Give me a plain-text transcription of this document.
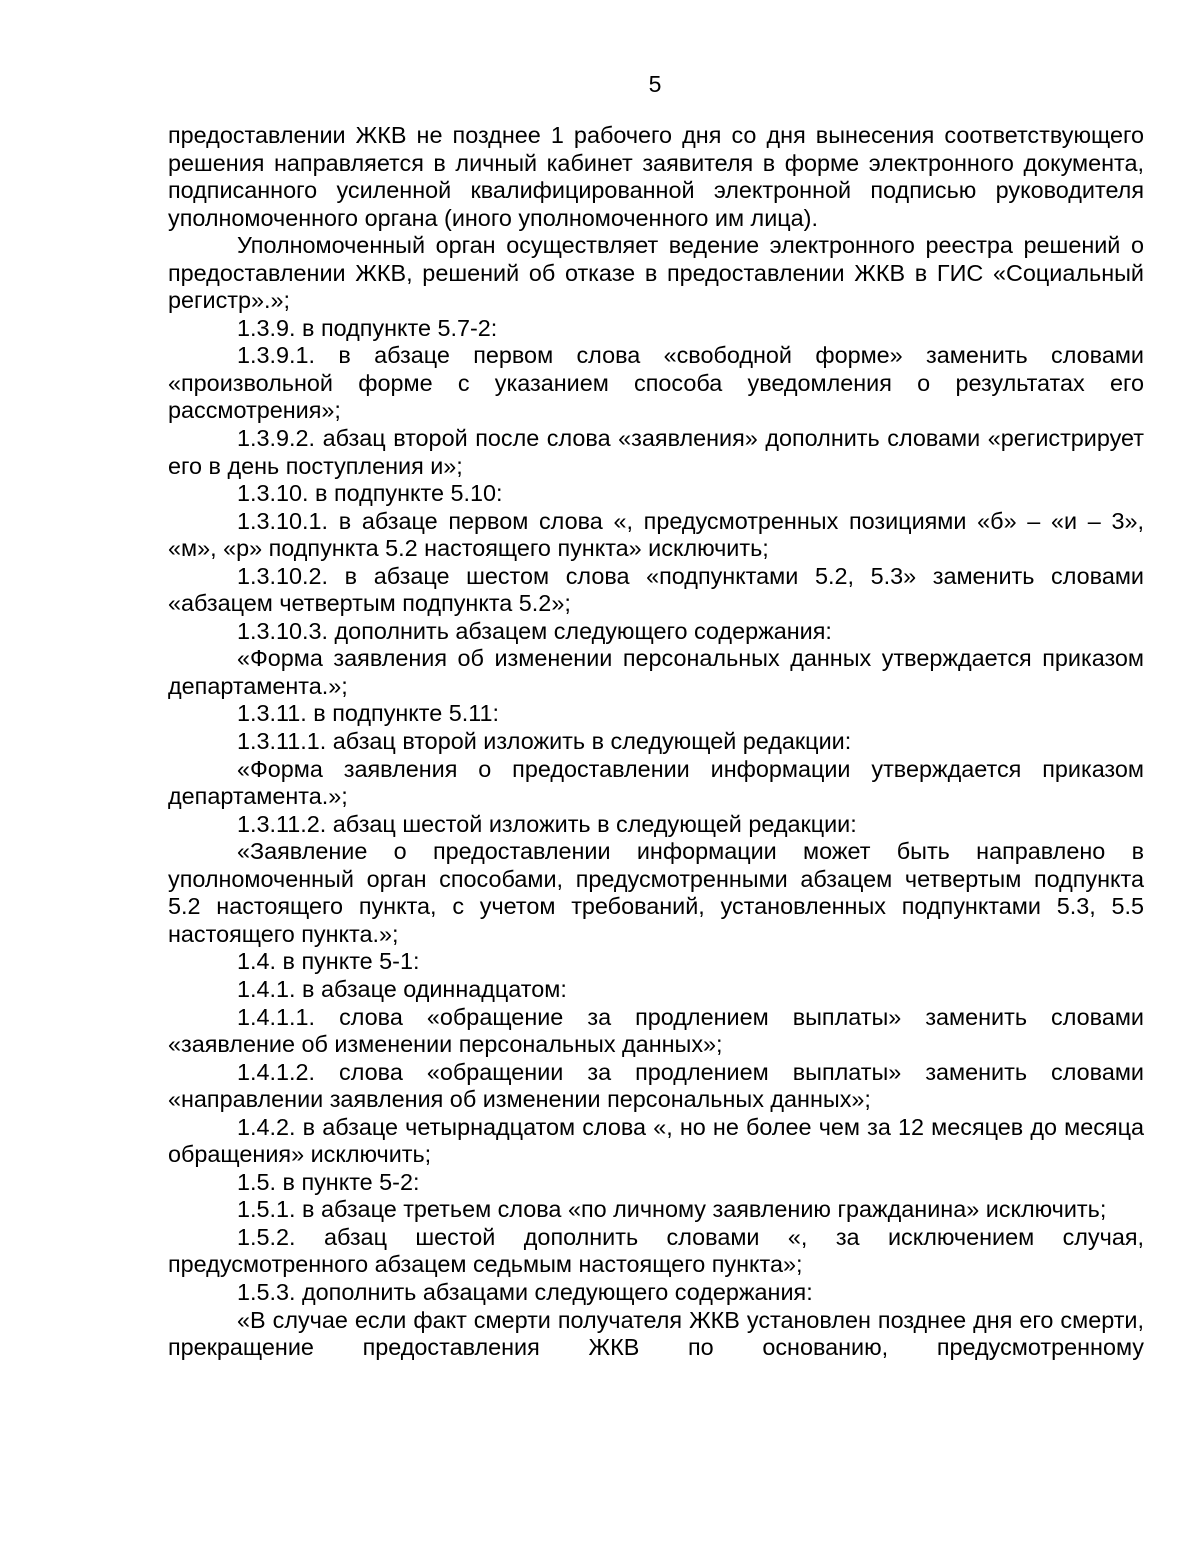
5

предоставлении ЖКВ не позднее 1 рабочего дня со дня вынесения соответствующего решения направляется в личный кабинет заявителя в форме электронного документа, подписанного усиленной квалифицированной электронной подписью руководителя уполномоченного органа (иного уполномоченного им лица).

Уполномоченный орган осуществляет ведение электронного реестра решений о предоставлении ЖКВ, решений об отказе в предоставлении ЖКВ в ГИС «Социальный регистр».»;

1.3.9. в подпункте 5.7-2:

1.3.9.1. в абзаце первом слова «свободной форме» заменить словами «произвольной форме с указанием способа уведомления о результатах его рассмотрения»;

1.3.9.2. абзац второй после слова «заявления» дополнить словами «регистрирует его в день поступления и»;

1.3.10. в подпункте 5.10:

1.3.10.1. в абзаце первом слова «, предусмотренных позициями «б» – «и – 3», «м», «р» подпункта 5.2 настоящего пункта» исключить;

1.3.10.2. в абзаце шестом слова «подпунктами 5.2, 5.3» заменить словами «абзацем четвертым подпункта 5.2»;

1.3.10.3. дополнить абзацем следующего содержания:

«Форма заявления об изменении персональных данных утверждается приказом департамента.»;

1.3.11. в подпункте 5.11:

1.3.11.1. абзац второй изложить в следующей редакции:

«Форма заявления о предоставлении информации утверждается приказом департамента.»;

1.3.11.2. абзац шестой изложить в следующей редакции:

«Заявление о предоставлении информации может быть направлено в уполномоченный орган способами, предусмотренными абзацем четвертым подпункта 5.2 настоящего пункта, с учетом требований, установленных подпунктами 5.3, 5.5 настоящего пункта.»;

1.4. в пункте 5-1:

1.4.1. в абзаце одиннадцатом:

1.4.1.1. слова «обращение за продлением выплаты» заменить словами «заявление об изменении персональных данных»;

1.4.1.2. слова «обращении за продлением выплаты» заменить словами «направлении заявления об изменении персональных данных»;

1.4.2. в абзаце четырнадцатом слова «, но не более чем за 12 месяцев до месяца обращения» исключить;

1.5. в пункте 5-2:

1.5.1. в абзаце третьем слова «по личному заявлению гражданина» исключить;

1.5.2. абзац шестой дополнить словами «, за исключением случая, предусмотренного абзацем седьмым настоящего пункта»;

1.5.3. дополнить абзацами следующего содержания:

«В случае если факт смерти получателя ЖКВ установлен позднее дня его смерти, прекращение предоставления ЖКВ по основанию, предусмотренному
